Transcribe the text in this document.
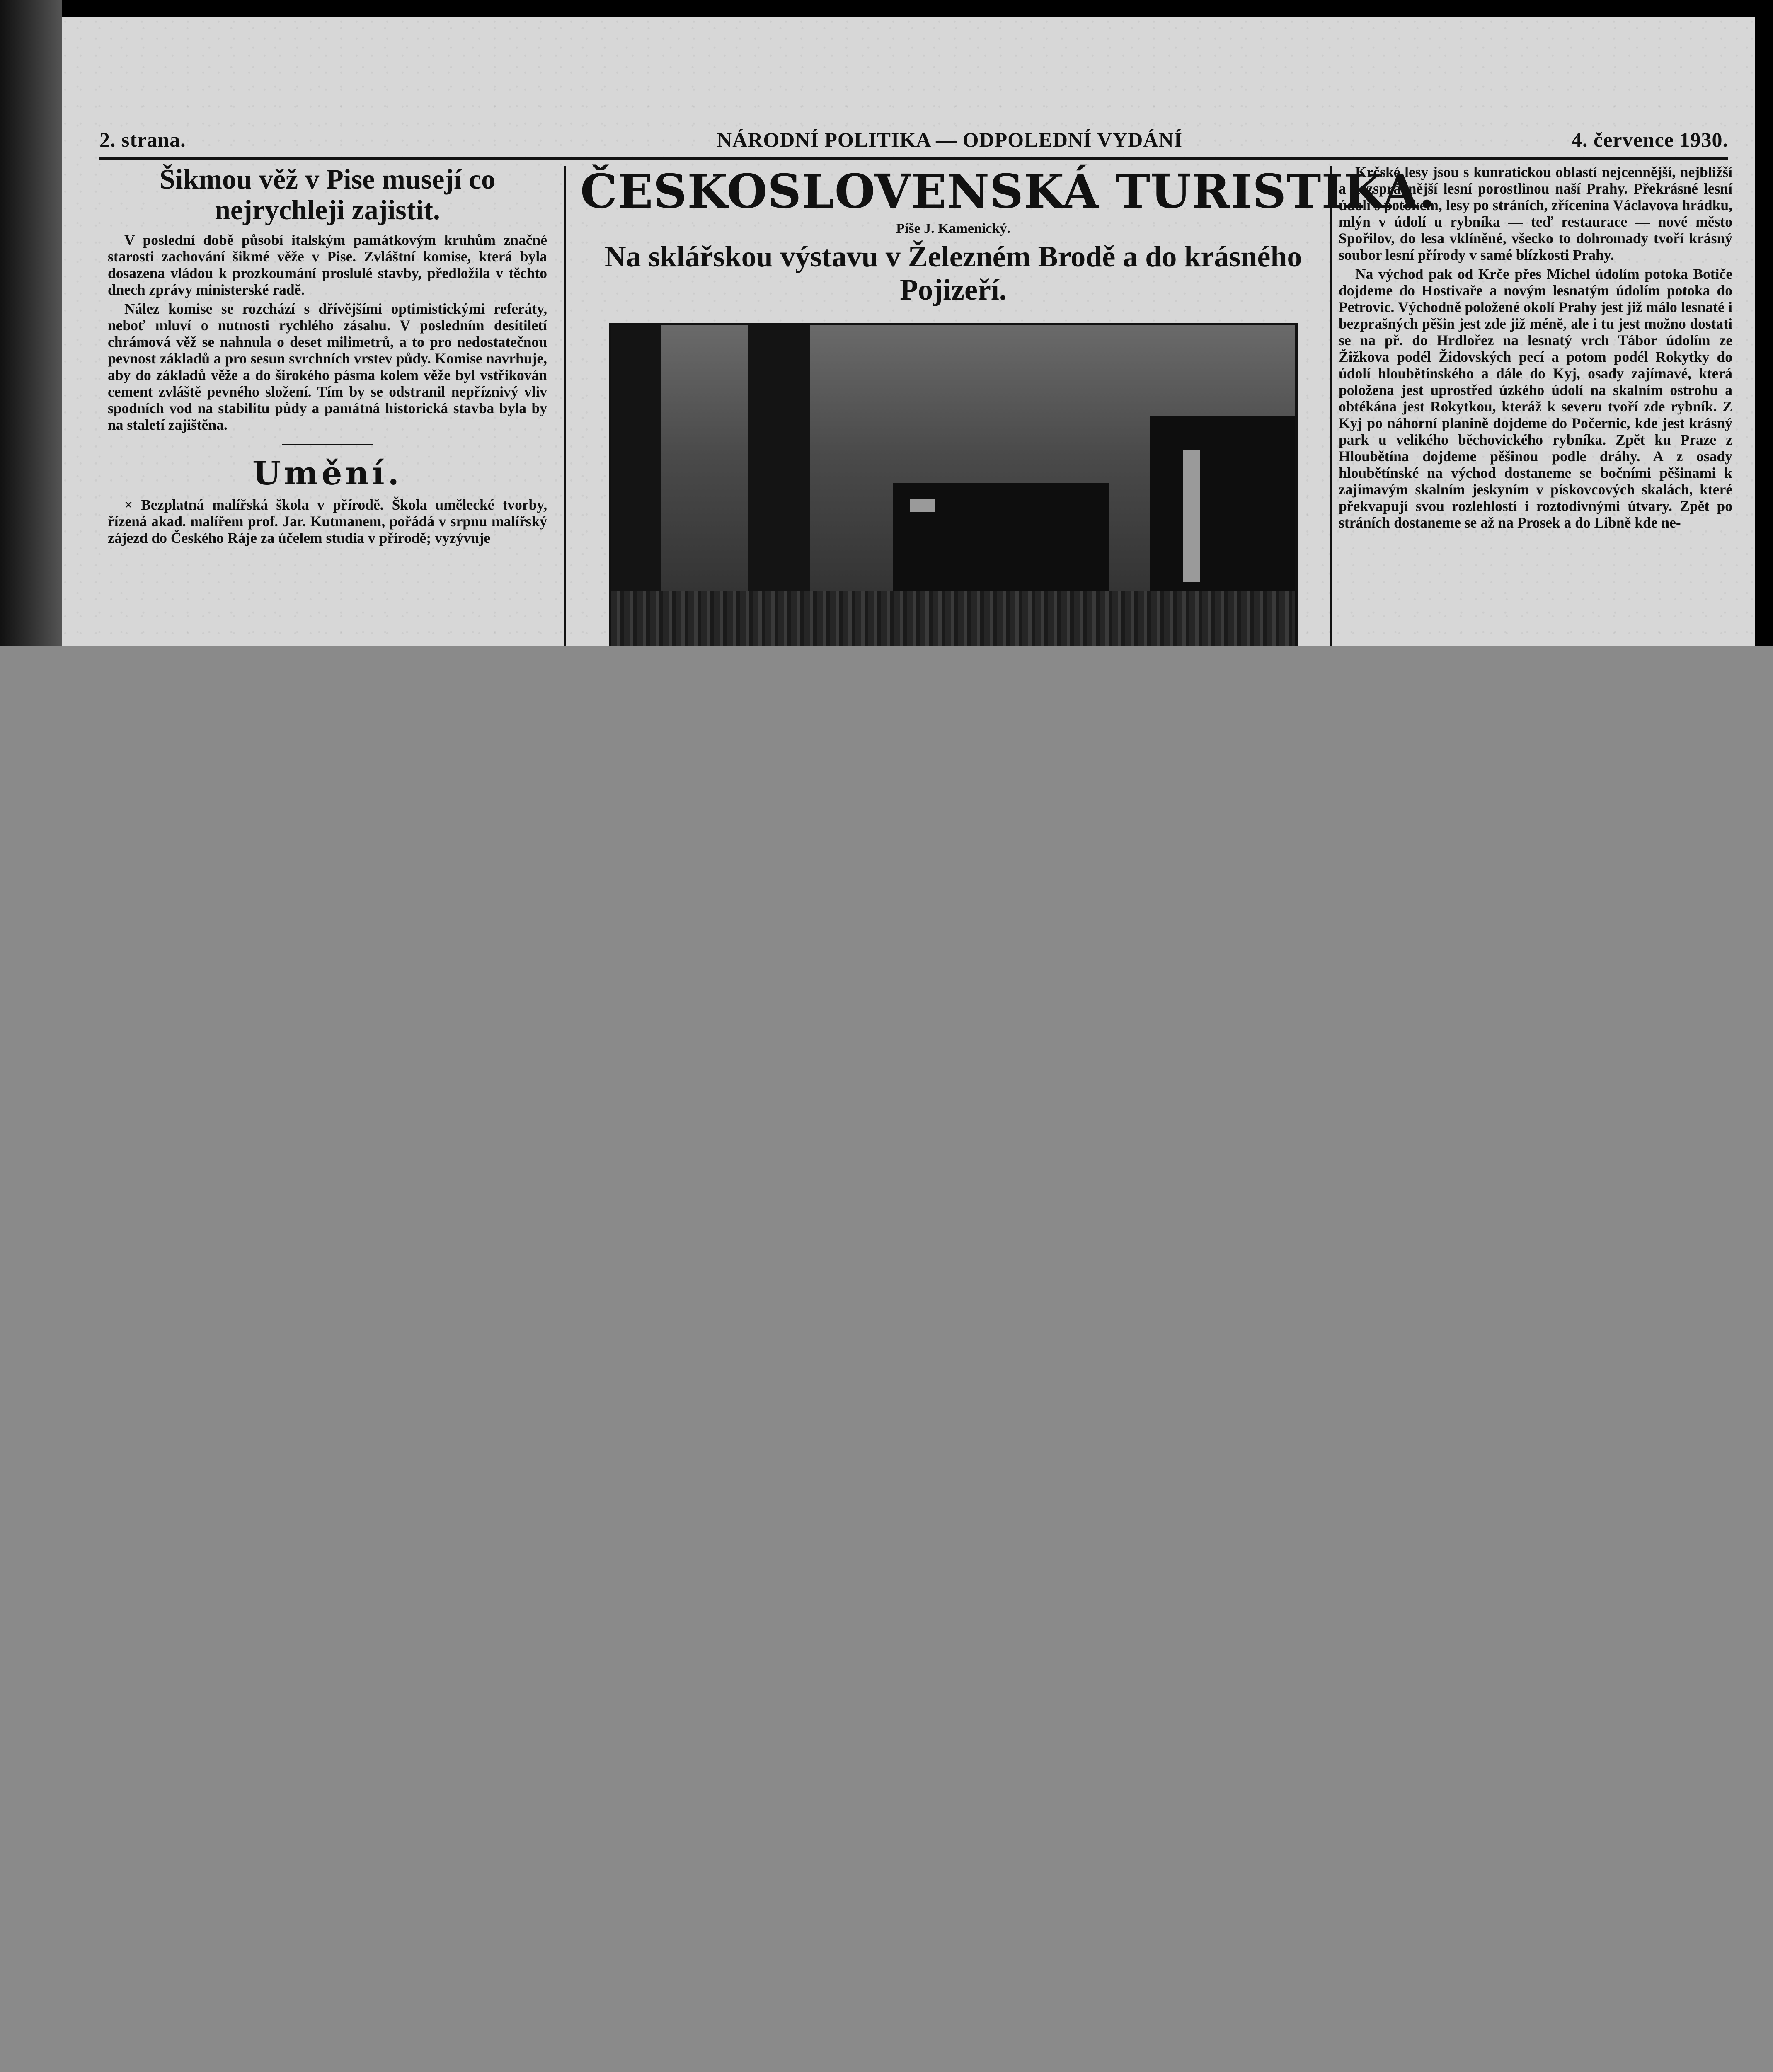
2. strana.	NÁRODNÍ POLITIKA — ODPOLEDNÍ VYDÁNÍ	4. července 1930.
Šikmou věž v Pise musejí co nejrychleji zajistit.

V poslední době působí italským památkovým kruhům značné starosti zachování šikmé věže v Pise. Zvláštní komise, která byla dosazena vládou k prozkoumání proslulé stavby, předložila v těchto dnech zprávy ministerské radě.

Nález komise se rozchází s dřívějšími optimistickými referáty, neboť mluví o nutnosti rychlého zásahu. V posledním desítiletí chrámová věž se nahnula o deset milimetrů, a to pro nedostatečnou pevnost základů a pro sesun svrchních vrstev půdy. Komise navrhuje, aby do základů věže a do širokého pásma kolem věže byl vstřikován cement zvláště pevného složení. Tím by se odstranil nepříznivý vliv spodních vod na stabilitu půdy a památná historická stavba byla by na staletí zajištěna.

Umění.

× Bezplatná malířská škola v přírodě. Škola umělecké tvorby, řízená akad. malířem prof. Jar. Kutmanem, pořádá v srpnu malířský zájezd do Českého Ráje za účelem studia v přírodě; vyzývuje

ČESKOSLOVENSKÁ TURISTIKA.
Píše J. Kamenický.
Na sklářskou výstavu v Železném Brodě a do krásného Pojizeří.

Krčské lesy jsou s kunratickou oblastí nejcennější, nejbližší a nezsprávnější lesní porostlinou naší Prahy. Překrásné lesní údolí s potokem, lesy po stráních, zřícenina Václavova hrádku, mlýn v údolí u rybníka — teď restaurace — nové město Spořilov, do lesa vklíněné, všecko to dohromady tvoří krásný soubor lesní přírody v samé blízkosti Prahy.

Na východ pak od Krče přes Michel údolím potoka Botiče dojdeme do Hostivaře a novým lesnatým údolím potoka do Petrovic. Východně položené okolí Prahy jest již málo lesnaté i bezprašných pěšin jest zde již méně, ale i tu jest možno dostati se na př. do Hrdlořez na lesnatý vrch Tábor údolím ze Žižkova podél Židovských pecí a potom podél Rokytky do údolí hloubětínského a dále do Kyj, osady zajímavé, která položena jest uprostřed úzkého údolí na skalním ostrohu a obtékána jest Rokytkou, kteráž k severu tvoří zde rybník. Z Kyj po náhorní planině dojdeme do Počernic, kde jest krásný park u velikého běchovického rybníka. Zpět ku Praze z Hloubětína dojdeme pěšinou podle dráhy. A z osady hloubětínské na východ dostaneme se bočními pěšinami k zajímavým skalním jeskyním v pískovcových skalách, které překvapují svou rozlehlostí i roztodivnými útvary. Zpět po stráních dostaneme se až na Prosek a do Libně kde ne-
